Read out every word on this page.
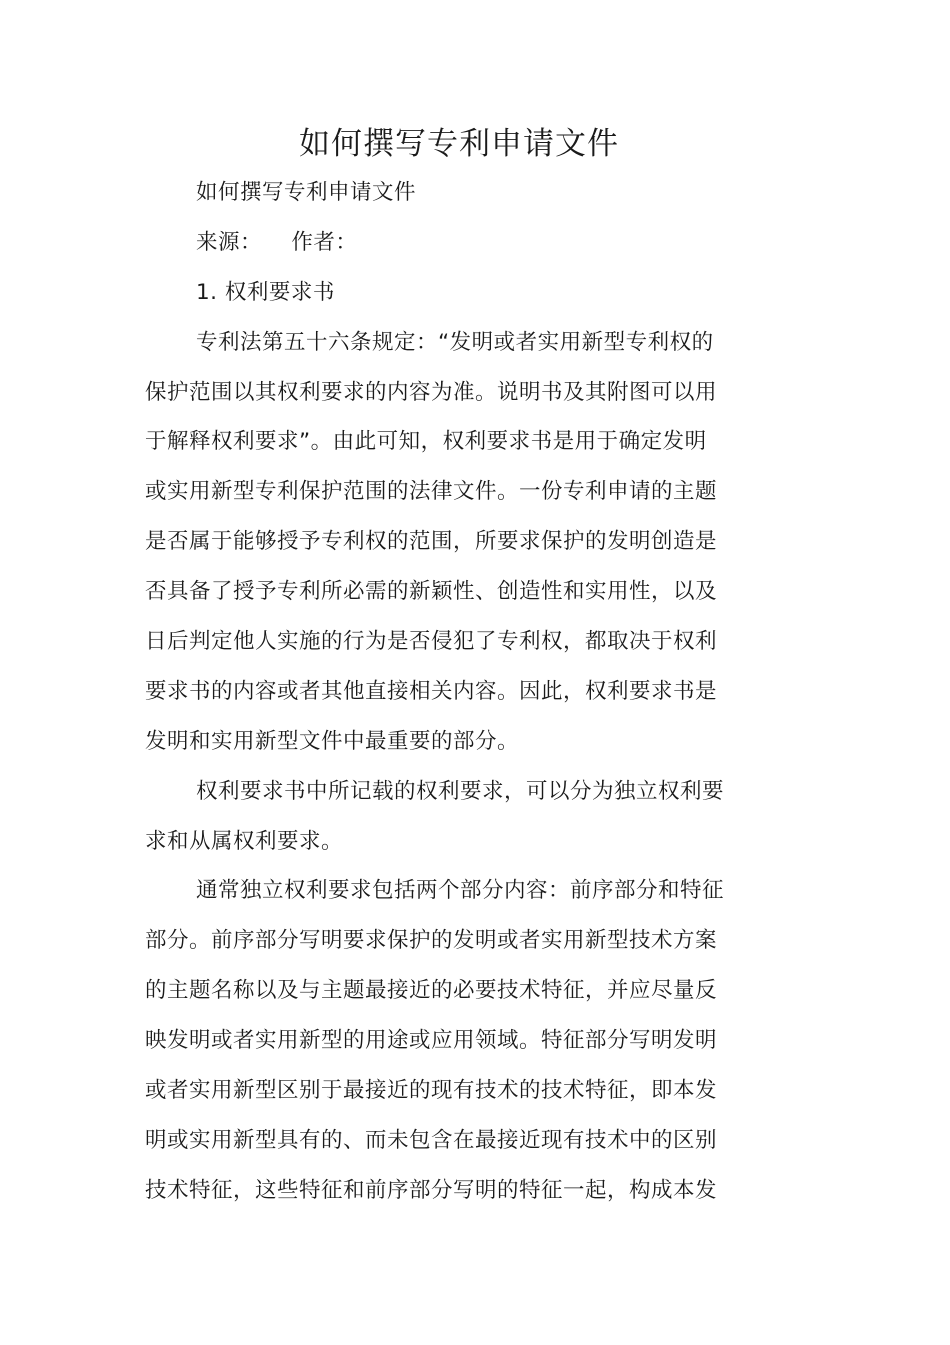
如何撰写专利申请文件
如何撰写专利申请文件
来源：    作者：
1. 权利要求书
专利法第五十六条规定：“发明或者实用新型专利权的
保护范围以其权利要求的内容为准。说明书及其附图可以用
于解释权利要求”。由此可知，权利要求书是用于确定发明
或实用新型专利保护范围的法律文件。一份专利申请的主题
是否属于能够授予专利权的范围，所要求保护的发明创造是
否具备了授予专利所必需的新颖性、创造性和实用性，以及
日后判定他人实施的行为是否侵犯了专利权，都取决于权利
要求书的内容或者其他直接相关内容。因此，权利要求书是
发明和实用新型文件中最重要的部分。
权利要求书中所记载的权利要求，可以分为独立权利要
求和从属权利要求。
通常独立权利要求包括两个部分内容：前序部分和特征
部分。前序部分写明要求保护的发明或者实用新型技术方案
的主题名称以及与主题最接近的必要技术特征，并应尽量反
映发明或者实用新型的用途或应用领域。特征部分写明发明
或者实用新型区别于最接近的现有技术的技术特征，即本发
明或实用新型具有的、而未包含在最接近现有技术中的区别
技术特征，这些特征和前序部分写明的特征一起，构成本发
